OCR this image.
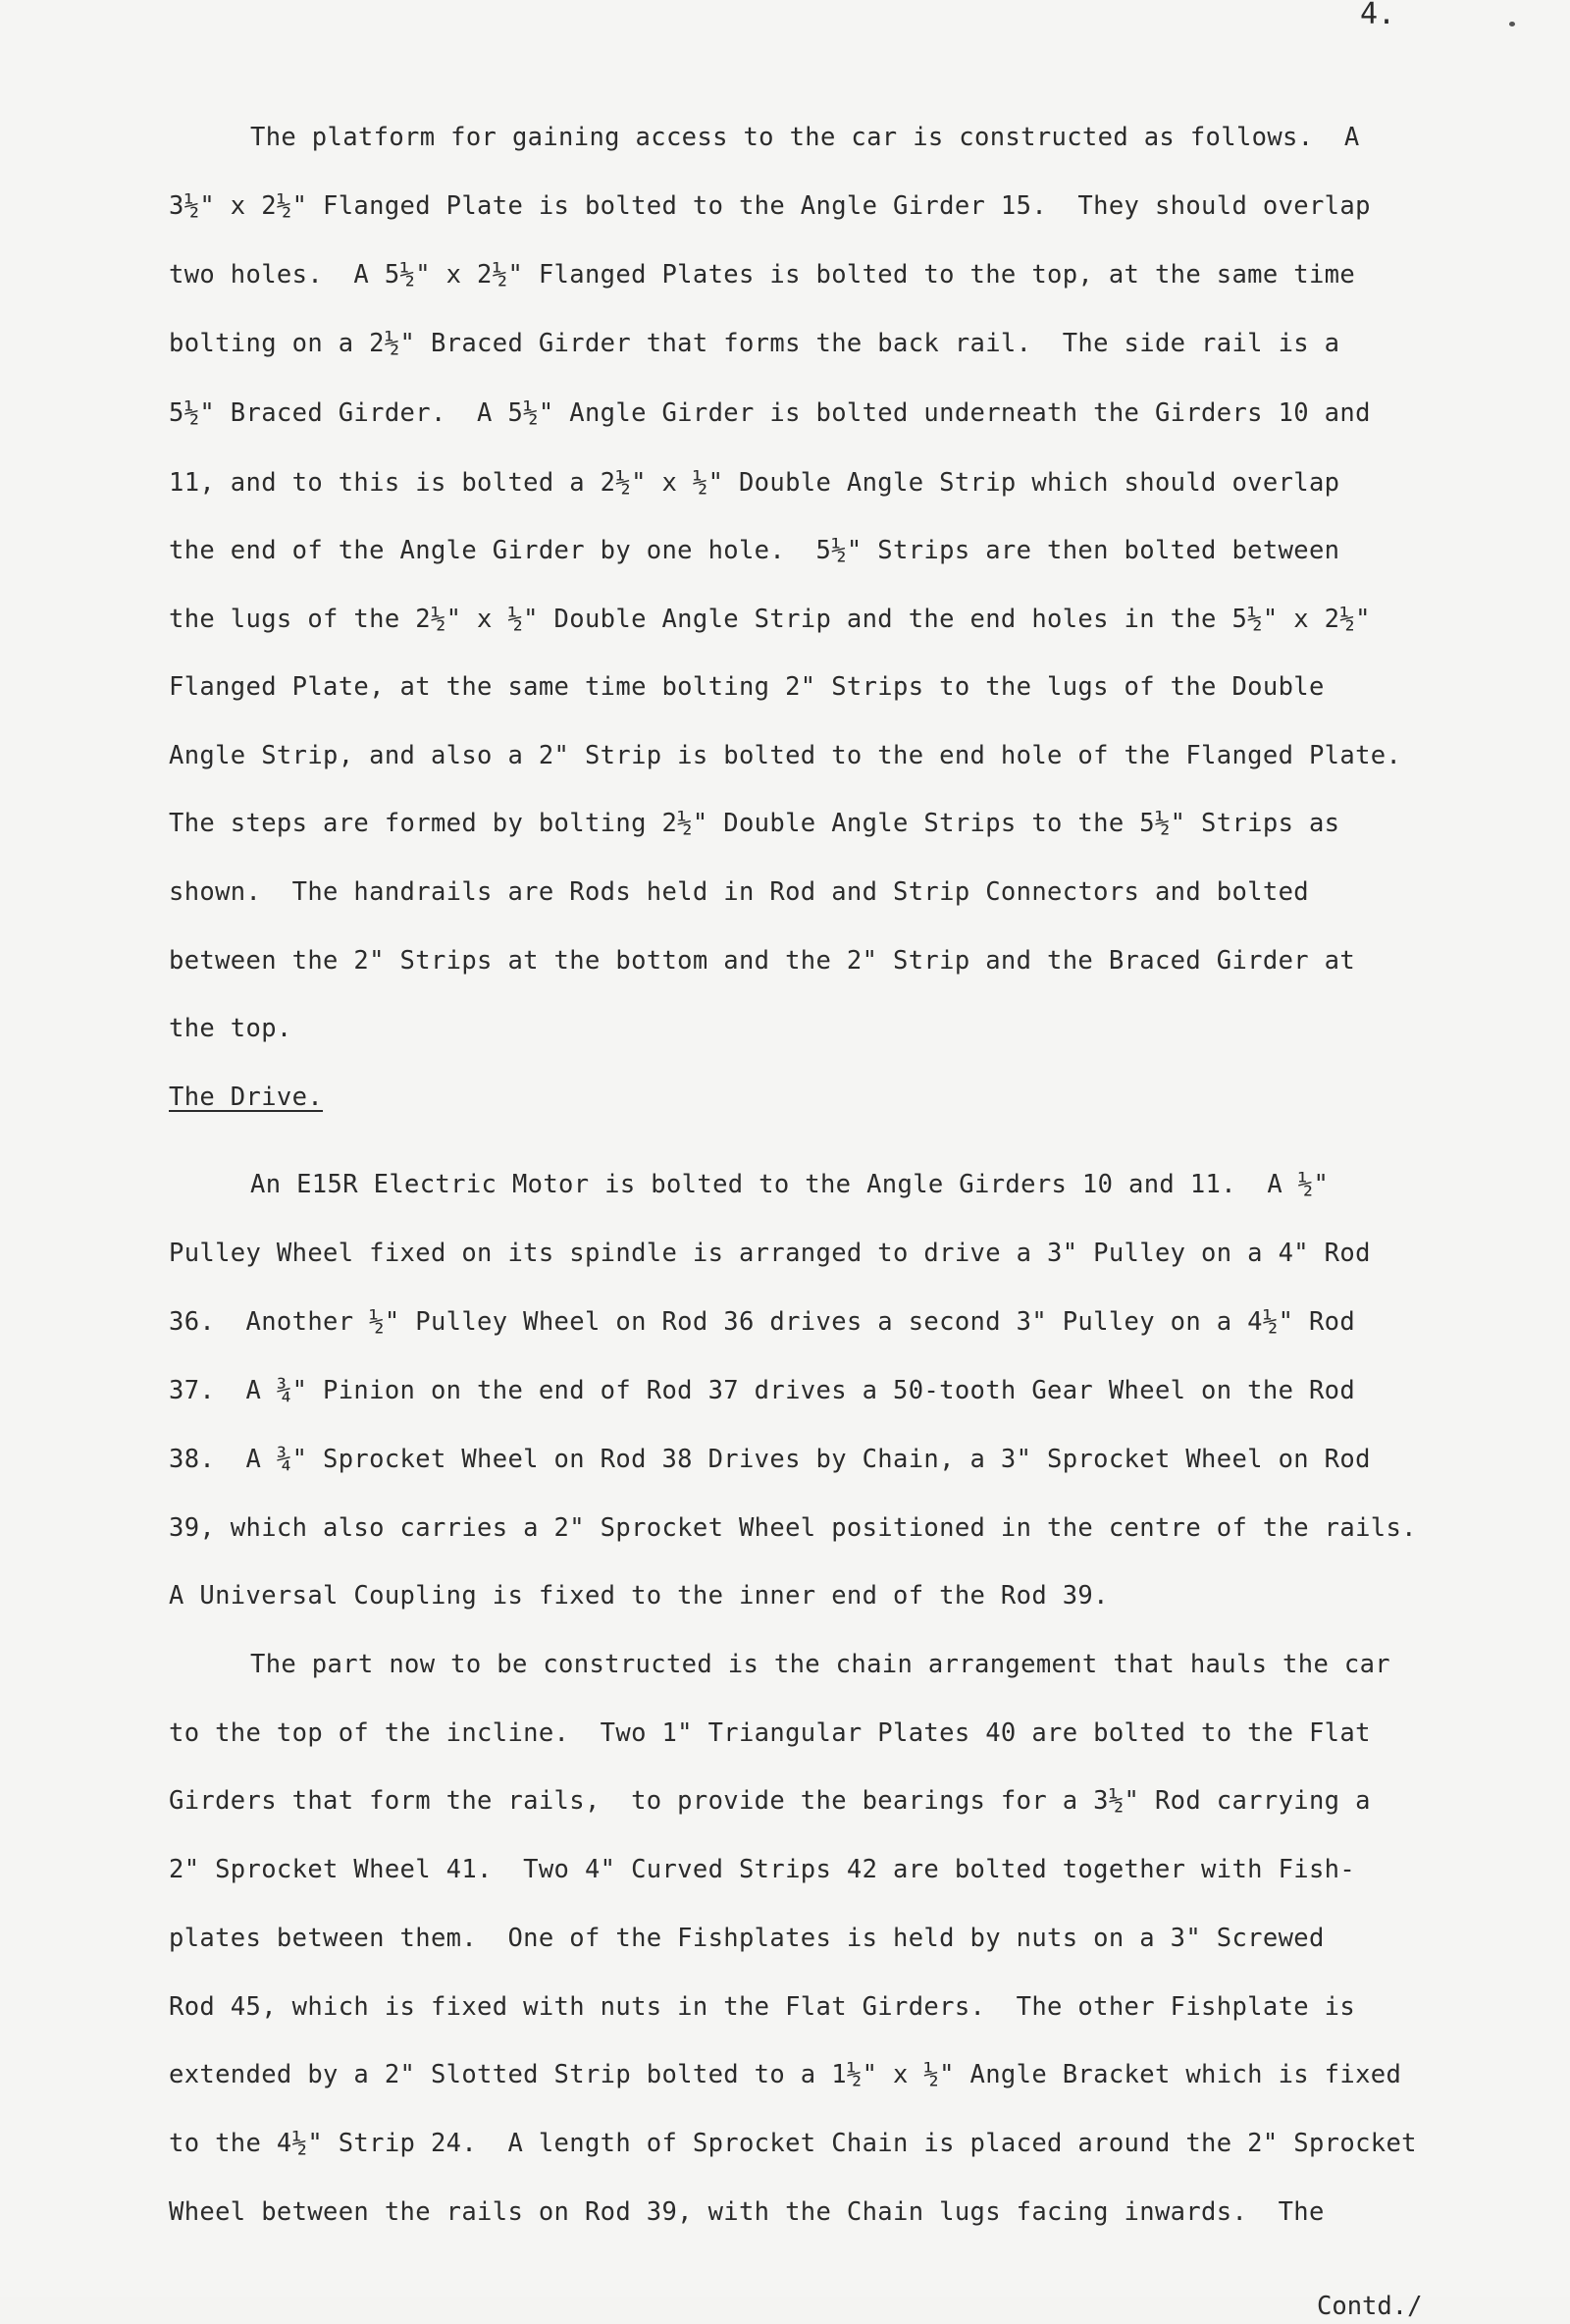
4.
The platform for gaining access to the car is constructed as follows.  A
3½" x 2½" Flanged Plate is bolted to the Angle Girder 15.  They should overlap
two holes.  A 5½" x 2½" Flanged Plates is bolted to the top, at the same time
bolting on a 2½" Braced Girder that forms the back rail.  The side rail is a
5½" Braced Girder.  A 5½" Angle Girder is bolted underneath the Girders 10 and
11, and to this is bolted a 2½" x ½" Double Angle Strip which should overlap
the end of the Angle Girder by one hole.  5½" Strips are then bolted between
the lugs of the 2½" x ½" Double Angle Strip and the end holes in the 5½" x 2½"
Flanged Plate, at the same time bolting 2" Strips to the lugs of the Double
Angle Strip, and also a 2" Strip is bolted to the end hole of the Flanged Plate.
The steps are formed by bolting 2½" Double Angle Strips to the 5½" Strips as
shown.  The handrails are Rods held in Rod and Strip Connectors and bolted
between the 2" Strips at the bottom and the 2" Strip and the Braced Girder at
the top.
The Drive.
An E15R Electric Motor is bolted to the Angle Girders 10 and 11.  A ½"
Pulley Wheel fixed on its spindle is arranged to drive a 3" Pulley on a 4" Rod
36.  Another ½" Pulley Wheel on Rod 36 drives a second 3" Pulley on a 4½" Rod
37.  A ¾" Pinion on the end of Rod 37 drives a 50-tooth Gear Wheel on the Rod
38.  A ¾" Sprocket Wheel on Rod 38 Drives by Chain, a 3" Sprocket Wheel on Rod
39, which also carries a 2" Sprocket Wheel positioned in the centre of the rails.
A Universal Coupling is fixed to the inner end of the Rod 39.
The part now to be constructed is the chain arrangement that hauls the car
to the top of the incline.  Two 1" Triangular Plates 40 are bolted to the Flat
Girders that form the rails,  to provide the bearings for a 3½" Rod carrying a
2" Sprocket Wheel 41.  Two 4" Curved Strips 42 are bolted together with Fish-
plates between them.  One of the Fishplates is held by nuts on a 3" Screwed
Rod 45, which is fixed with nuts in the Flat Girders.  The other Fishplate is
extended by a 2" Slotted Strip bolted to a 1½" x ½" Angle Bracket which is fixed
to the 4½" Strip 24.  A length of Sprocket Chain is placed around the 2" Sprocket
Wheel between the rails on Rod 39, with the Chain lugs facing inwards.  The
Contd./
